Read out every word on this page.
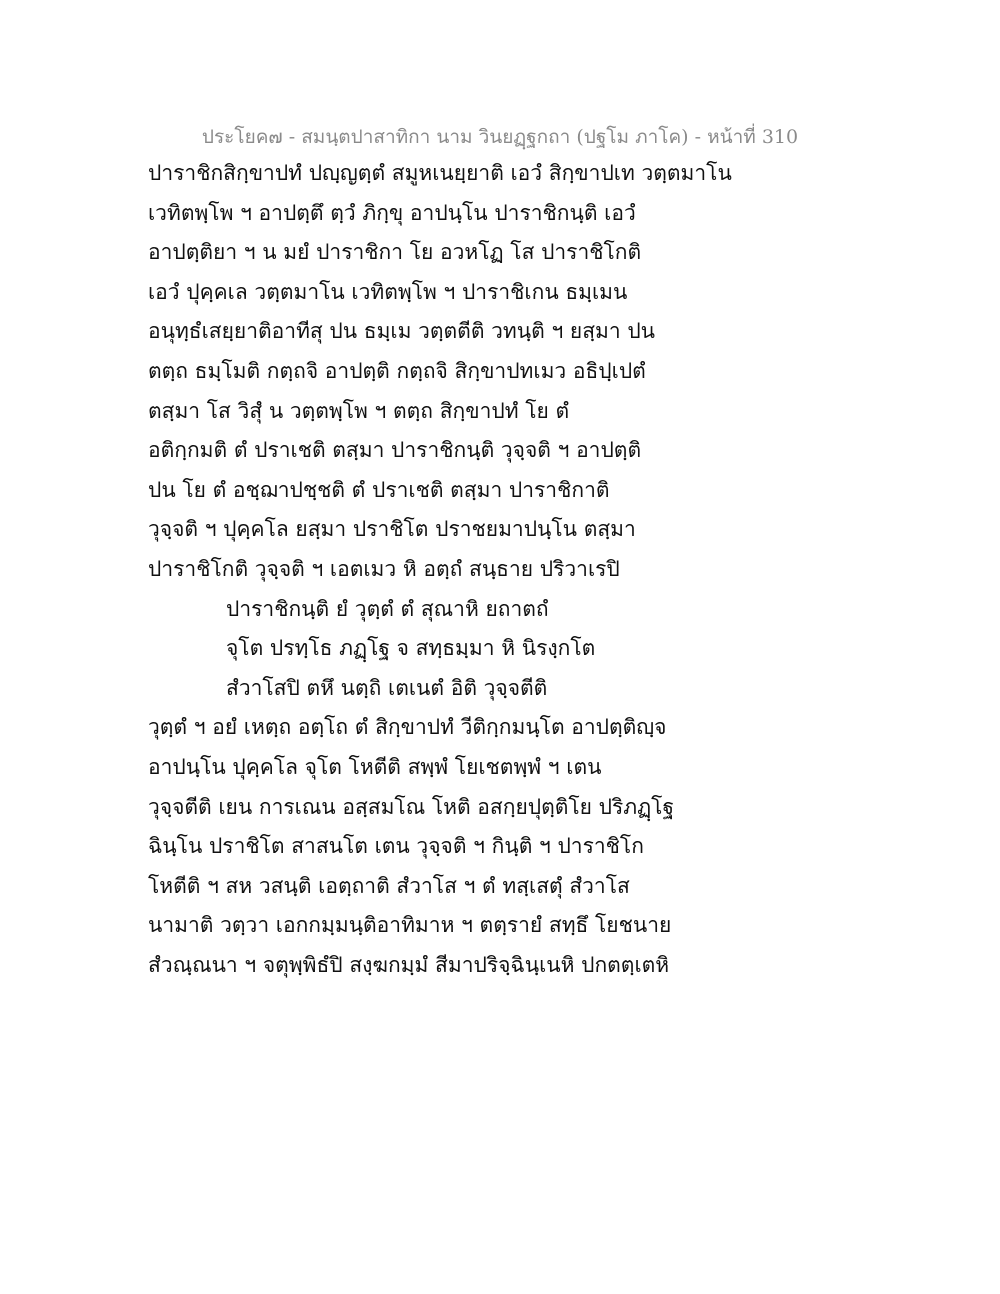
ประโยค๗ - สมนฺตปาสาทิกา นาม วินยฏฺฐกถา (ปฐโม ภาโค) - หน้าที่ 310
ปาราชิกสิกฺขาปทํ ปญฺญตฺตํ สมูหเนยฺยาติ เอวํ สิกฺขาปเท วตฺตมาโน
เวทิตพฺโพ ฯ อาปตฺตึ ตฺวํ ภิกฺขุ อาปนฺโน ปาราชิกนฺติ เอวํ
อาปตฺติยา ฯ น มยํ ปาราชิกา โย อวหโฏ โส ปาราชิโกติ
เอวํ ปุคฺคเล วตฺตมาโน เวทิตพฺโพ ฯ ปาราชิเกน ธมฺเมน
อนุทฺธํเสยฺยาติอาทีสุ ปน ธมฺเม วตฺตตีติ วทนฺติ ฯ ยสฺมา ปน
ตตฺถ ธมฺโมติ กตฺถจิ อาปตฺติ กตฺถจิ สิกฺขาปทเมว อธิปฺเปตํ
ตสฺมา โส วิสุํ น วตฺตพฺโพ ฯ ตตฺถ สิกฺขาปทํ โย ตํ
อติกฺกมติ ตํ ปราเชติ ตสฺมา ปาราชิกนฺติ วุจฺจติ ฯ อาปตฺติ
ปน โย ตํ อชฺฌาปชฺชติ ตํ ปราเชติ ตสฺมา ปาราชิกาติ
วุจฺจติ ฯ ปุคฺคโล ยสฺมา ปราชิโต ปราชยมาปนฺโน ตสฺมา
ปาราชิโกติ วุจฺจติ ฯ เอตเมว หิ อตฺถํ สนฺธาย ปริวาเรปิ
ปาราชิกนฺติ ยํ วุตฺตํ ตํ สุณาหิ ยถาตถํ
จุโต ปรทฺโธ ภฏฺโฐ จ สทฺธมฺมา หิ นิรงฺกโต
สํวาโสปิ ตหึ นตฺถิ เตเนตํ อิติ วุจฺจตีติ
วุตฺตํ ฯ อยํ เหตฺถ อตฺโถ ตํ สิกฺขาปทํ วีติกฺกมนฺโต อาปตฺติญฺจ
อาปนฺโน ปุคฺคโล จุโต โหตีติ สพฺพํ โยเชตพฺพํ ฯ เตน
วุจฺจตีติ เยน การเณน อสฺสมโณ โหติ อสกฺยปุตฺติโย ปริภฏฺโฐ
ฉินฺโน ปราชิโต สาสนโต เตน วุจฺจติ ฯ กินฺติ ฯ ปาราชิโก
โหตีติ ฯ สห วสนฺติ เอตฺถาติ สํวาโส ฯ ตํ ทสฺเสตุํ สํวาโส
นามาติ วตฺวา เอกกมฺมนฺติอาทิมาห ฯ ตตฺรายํ สทฺธึ โยชนาย
สํวณฺณนา ฯ จตุพฺพิธํปิ สงฺฆกมฺมํ สีมาปริจฺฉินฺเนหิ ปกตตฺเตหิ
